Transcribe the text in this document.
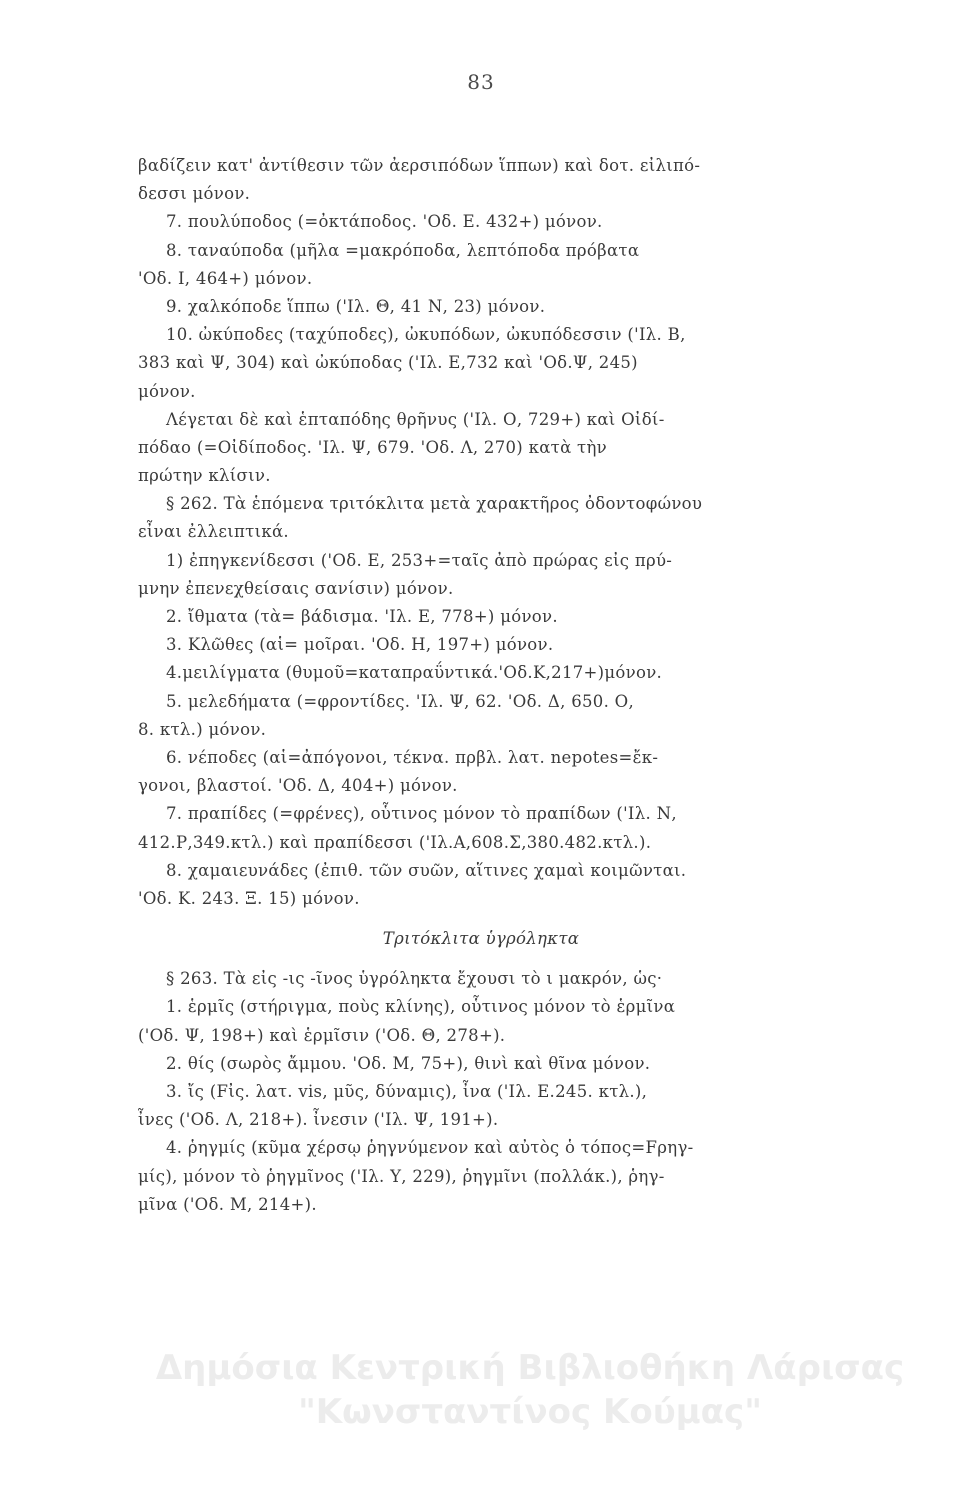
83
βαδίζειν κατ' ἀντίθεσιν τῶν ἀερσιπόδων ἵππων) καὶ δοτ. εἰλιπό-
δεσσι μόνον.
7. πουλύποδος (=ὀκτάποδος. 'Οδ. Ε. 432+) μόνον.
8. ταναύποδα (μῆλα =μακρόποδα, λεπτόποδα πρόβατα
'Οδ. Ι, 464+) μόνον.
9. χαλκόποδε ἵππω ('Ιλ. Θ, 41 Ν, 23) μόνον.
10. ὠκύποδες (ταχύποδες), ὠκυπόδων, ὠκυπόδεσσιν ('Ιλ. Β,
383 καὶ Ψ, 304) καὶ ὠκύποδας ('Ιλ. Ε,732 καὶ 'Οδ.Ψ, 245)
μόνον.
Λέγεται δὲ καὶ ἑπταπόδης θρῆνυς ('Ιλ. Ο, 729+) καὶ Οἰδί-
πόδαο (=Οἰδίποδος. 'Ιλ. Ψ, 679. 'Οδ. Λ, 270) κατὰ τὴν
πρώτην κλίσιν.
§ 262. Τὰ ἑπόμενα τριτόκλιτα μετὰ χαρακτῆρος ὀδοντοφώνου
εἶναι ἐλλειπτικά.
1) ἐπηγκενίδεσσι ('Οδ. Ε, 253+=ταῖς ἀπὸ πρώρας εἰς πρύ-
μνην ἐπενεχθείσαις σανίσιν) μόνον.
2. ἴθματα (τὰ= βάδισμα. 'Ιλ. Ε, 778+) μόνον.
3. Κλῶθες (αἱ= μοῖραι. 'Οδ. Η, 197+) μόνον.
4.μειλίγματα (θυμοῦ=καταπραΰντικά.'Οδ.Κ,217+)μόνον.
5. μελεδήματα (=φροντίδες. 'Ιλ. Ψ, 62. 'Οδ. Δ, 650. Ο,
8. κτλ.) μόνον.
6. νέποδες (αἱ=ἀπόγονοι, τέκνα. πρβλ. λατ. nepotes=ἔκ-
γονοι, βλαστοί. 'Οδ. Δ, 404+) μόνον.
7. πραπίδες (=φρένες), οὗτινος μόνον τὸ πραπίδων ('Ιλ. Ν,
412.Ρ,349.κτλ.) καὶ πραπίδεσσι ('Ιλ.Α,608.Σ,380.482.κτλ.).
8. χαμαιευνάδες (ἐπιθ. τῶν συῶν, αἵτινες χαμαὶ κοιμῶνται.
'Οδ. Κ. 243. Ξ. 15) μόνον.
Τριτόκλιτα ὑγρόληκτα
§ 263. Τὰ εἰς -ις -ῖνος ὑγρόληκτα ἔχουσι τὸ ι μακρόν, ὡς·
1. ἑρμῖς (στήριγμα, ποὺς κλίνης), οὗτινος μόνον τὸ ἑρμῖνα
('Οδ. Ψ, 198+) καὶ ἑρμῖσιν ('Οδ. Θ, 278+).
2. θίς (σωρὸς ἄμμου. 'Οδ. Μ, 75+), θινὶ καὶ θῖνα μόνον.
3. ἴς (Fἰς. λατ. vis, μῦς, δύναμις), ἶνα ('Ιλ. Ε.245. κτλ.),
ἶνες ('Οδ. Λ, 218+). ἶνεσιν ('Ιλ. Ψ, 191+).
4. ῥηγμίς (κῦμα χέρσῳ ῥηγνύμενον καὶ αὐτὸς ὁ τόπος=Fρηγ-
μίς), μόνον τὸ ῥηγμῖνος ('Ιλ. Υ, 229), ῥηγμῖνι (πολλάκ.), ῥηγ-
μῖνα ('Οδ. Μ, 214+).
Δημόσια Κεντρική Βιβλιοθήκη Λάρισας
"Κωνσταντίνος Κούμας"
